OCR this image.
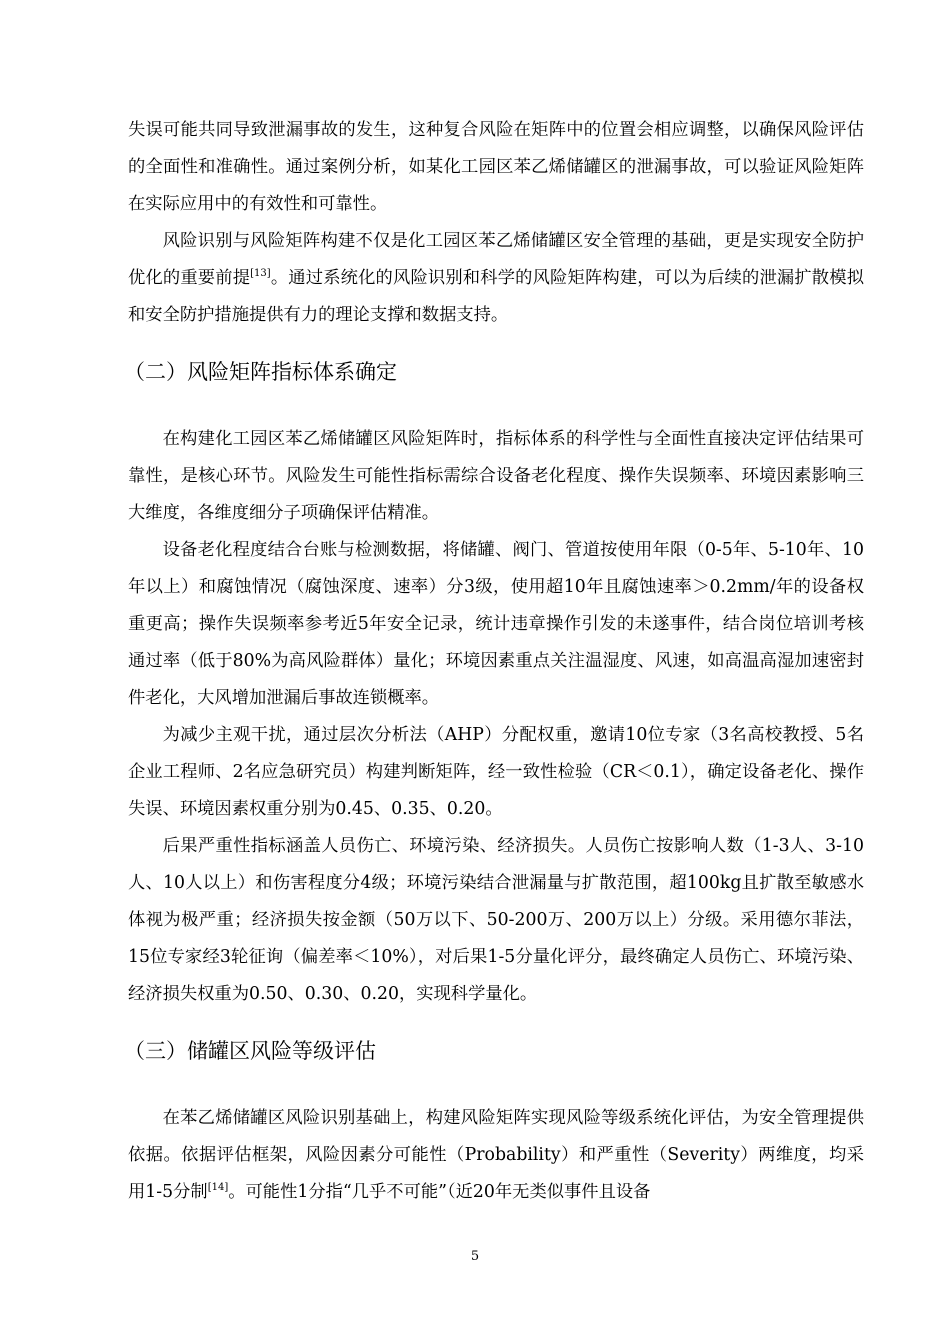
失误可能共同导致泄漏事故的发生，这种复合风险在矩阵中的位置会相应调整，以确保风险评估的全面性和准确性。通过案例分析，如某化工园区苯乙烯储罐区的泄漏事故，可以验证风险矩阵在实际应用中的有效性和可靠性。

风险识别与风险矩阵构建不仅是化工园区苯乙烯储罐区安全管理的基础，更是实现安全防护优化的重要前提[13]。通过系统化的风险识别和科学的风险矩阵构建，可以为后续的泄漏扩散模拟和安全防护措施提供有力的理论支撑和数据支持。

（二）风险矩阵指标体系确定

在构建化工园区苯乙烯储罐区风险矩阵时，指标体系的科学性与全面性直接决定评估结果可靠性，是核心环节。风险发生可能性指标需综合设备老化程度、操作失误频率、环境因素影响三大维度，各维度细分子项确保评估精准。

设备老化程度结合台账与检测数据，将储罐、阀门、管道按使用年限（0-5年、5-10年、10年以上）和腐蚀情况（腐蚀深度、速率）分3级，使用超10年且腐蚀速率＞0.2mm/年的设备权重更高；操作失误频率参考近5年安全记录，统计违章操作引发的未遂事件，结合岗位培训考核通过率（低于80%为高风险群体）量化；环境因素重点关注温湿度、风速，如高温高湿加速密封件老化，大风增加泄漏后事故连锁概率。

为减少主观干扰，通过层次分析法（AHP）分配权重，邀请10位专家（3名高校教授、5名企业工程师、2名应急研究员）构建判断矩阵，经一致性检验（CR＜0.1），确定设备老化、操作失误、环境因素权重分别为0.45、0.35、0.20。

后果严重性指标涵盖人员伤亡、环境污染、经济损失。人员伤亡按影响人数（1-3人、3-10人、10人以上）和伤害程度分4级；环境污染结合泄漏量与扩散范围，超100kg且扩散至敏感水体视为极严重；经济损失按金额（50万以下、50-200万、200万以上）分级。采用德尔菲法，15位专家经3轮征询（偏差率＜10%），对后果1-5分量化评分，最终确定人员伤亡、环境污染、经济损失权重为0.50、0.30、0.20，实现科学量化。

（三）储罐区风险等级评估

在苯乙烯储罐区风险识别基础上，构建风险矩阵实现风险等级系统化评估，为安全管理提供依据。依据评估框架，风险因素分可能性（Probability）和严重性（Severity）两维度，均采用1-5分制[14]。可能性1分指“几乎不可能”（近20年无类似事件且设备

5
